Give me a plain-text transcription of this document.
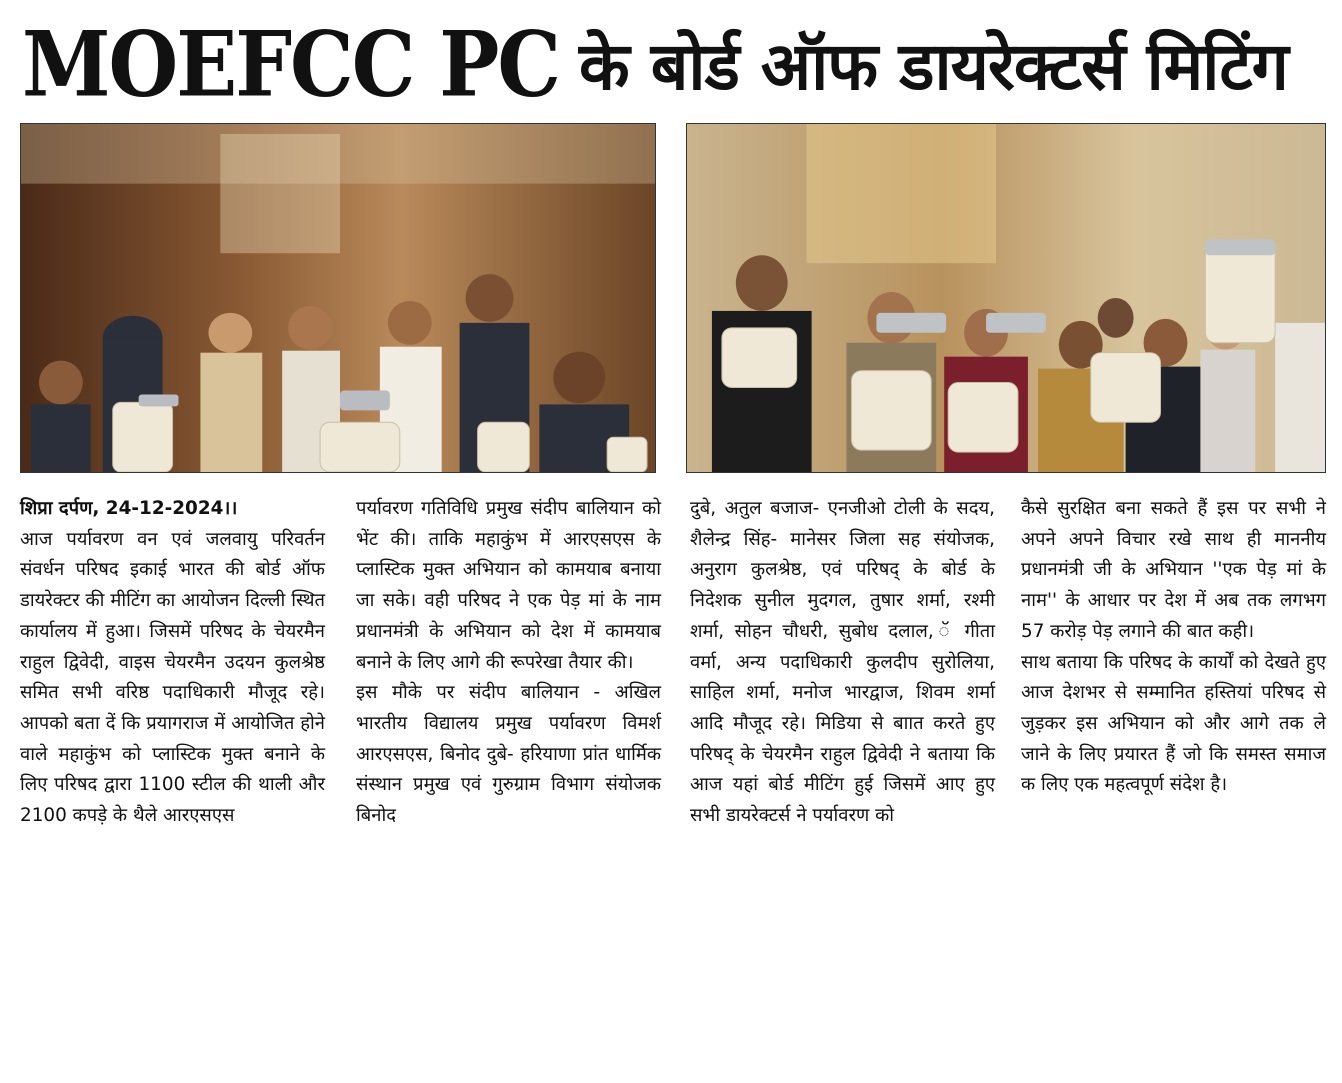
MOEFCC PC के बोर्ड ऑफ डायरेक्टर्स मिटिंग

शिप्रा दर्पण, 24-12-2024।।

आज पर्यावरण वन एवं जलवायु परिवर्तन संवर्धन परिषद इकाई भारत की बोर्ड ऑफ डायरेक्टर की मीटिंग का आयोजन दिल्ली स्थित कार्यालय में हुआ। जिसमें परिषद के चेयरमैन राहुल द्विवेदी, वाइस चेयरमैन उदयन कुलश्रेष्ठ समित सभी वरिष्ठ पदाधिकारी मौजूद रहे। आपको बता दें कि प्रयागराज में आयोजित होने वाले महाकुंभ को प्लास्टिक मुक्त बनाने के लिए परिषद द्वारा 1100 स्टील की थाली और 2100 कपड़े के थैले आरएसएस

पर्यावरण गतिविधि प्रमुख संदीप बालियान को भेंट की। ताकि महाकुंभ में आरएसएस के प्लास्टिक मुक्त अभियान को कामयाब बनाया जा सके। वही परिषद ने एक पेड़ मां के नाम प्रधानमंत्री के अभियान को देश में कामयाब बनाने के लिए आगे की रूपरेखा तैयार की।

इस मौके पर संदीप बालियान - अखिल भारतीय विद्यालय प्रमुख पर्यावरण विमर्श आरएसएस, बिनोद दुबे- हरियाणा प्रांत धार्मिक संस्थान प्रमुख एवं गुरुग्राम विभाग संयोजक बिनोद

दुबे, अतुल बजाज- एनजीओ टोली के सदय, शैलेन्द्र सिंह- मानेसर जिला सह संयोजक, अनुराग कुलश्रेष्ठ, एवं परिषद् के बोर्ड के निदेशक सुनील मुदगल, तुषार शर्मा, रश्मी शर्मा, सोहन चौधरी, सुबोध दलाल, ॅ गीता वर्मा, अन्य पदाधिकारी कुलदीप सुरोलिया, साहिल शर्मा, मनोज भारद्वाज, शिवम शर्मा आदि मौजूद रहे। मिडिया से बाात करते हुए परिषद् के चेयरमैन राहुल द्विवेदी ने बताया कि आज यहां बोर्ड मीटिंग हुई जिसमें आए हुए सभी डायरेक्टर्स ने पर्यावरण को

कैसे सुरक्षित बना सकते हैं इस पर सभी ने अपने अपने विचार रखे साथ ही माननीय प्रधानमंत्री जी के अभियान ''एक पेड़ मां के नाम'' के आधार पर देश में अब तक लगभग 57 करोड़ पेड़ लगाने की बात कही।

साथ बताया कि परिषद के कार्यों को देखते हुए आज देशभर से सम्मानित हस्तियां परिषद से जुड़कर इस अभियान को और आगे तक ले जाने के लिए प्रयारत हैं जो कि समस्त समाज क लिए एक महत्वपूर्ण संदेश है।
